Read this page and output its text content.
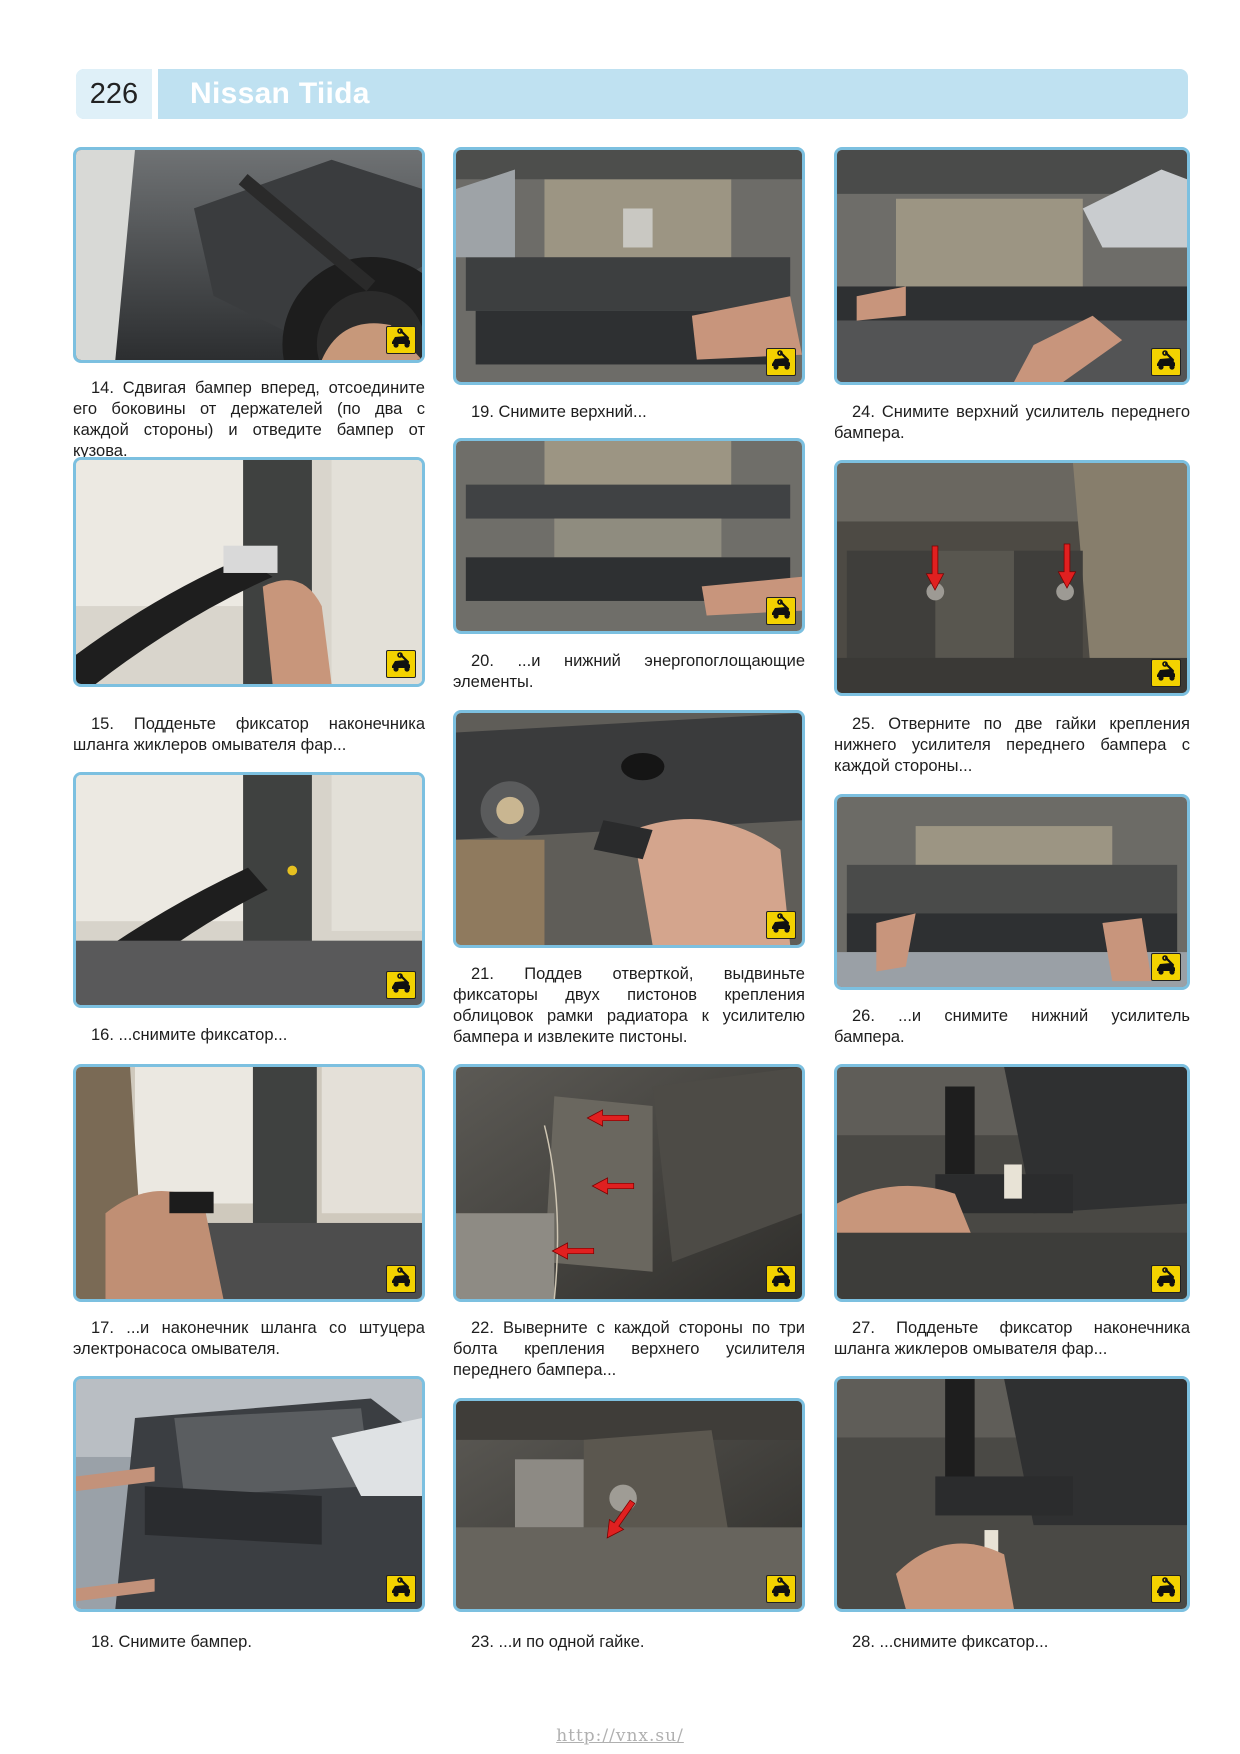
226	Nissan Tiida

14. Сдвигая бампер вперед, отсоедините его боковины от держателей (по два с каждой стороны) и отведите бампер от кузова.

15. Подденьте фиксатор наконечника шланга жиклеров омывателя фар...

16. ...снимите фиксатор...

17. ...и наконечник шланга со штуцера электронасоса омывателя.

18. Снимите бампер.

19. Снимите верхний...

20. ...и нижний энергопоглощающие элементы.

21. Поддев отверткой, выдвиньте фиксаторы двух пистонов крепления облицовок рамки радиатора к усилителю бампера и извлеките пистоны.

22. Выверните с каждой стороны по три болта крепления верхнего усилителя переднего бампера...

23. ...и по одной гайке.

24. Снимите верхний усилитель переднего бампера.

25. Отверните по две гайки крепления нижнего усилителя переднего бампера с каждой стороны...

26. ...и снимите нижний усилитель бампера.

27. Подденьте фиксатор наконечника шланга жиклеров омывателя фар...

28. ...снимите фиксатор...

http://vnx.su/
